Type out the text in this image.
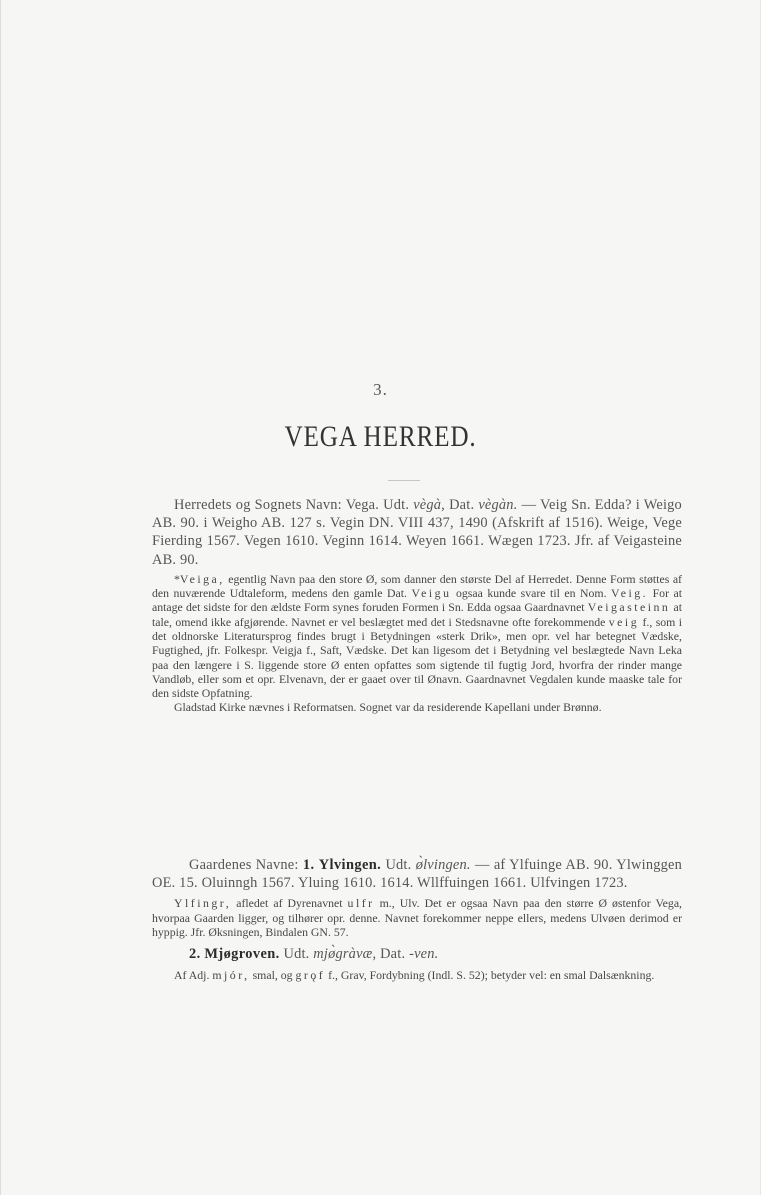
3.
VEGA HERRED.

Herredets og Sognets Navn: Vega. Udt. vègà, Dat. vègàn. — Veig Sn. Edda? i Weigo AB. 90. i Weigho AB. 127 s. Vegin DN. VIII 437, 1490 (Afskrift af 1516). Weige, Vege Fierding 1567. Vegen 1610. Veginn 1614. Weyen 1661. Wægen 1723. Jfr. af Veigasteine AB. 90.

*Veiga, egentlig Navn paa den store Ø, som danner den største Del af Herredet. Denne Form støttes af den nuværende Udtaleform, medens den gamle Dat. Veigu ogsaa kunde svare til en Nom. Veig. For at antage det sidste for den ældste Form synes foruden Formen i Sn. Edda ogsaa Gaardnavnet Veigasteinn at tale, omend ikke afgjørende. Navnet er vel beslægtet med det i Stedsnavne ofte forekommende veig f., som i det oldnorske Literatursprog findes brugt i Betydningen «sterk Drik», men opr. vel har betegnet Vædske, Fugtighed, jfr. Folkespr. Veigja f., Saft, Vædske. Det kan ligesom det i Betydning vel beslægtede Navn Leka paa den længere i S. liggende store Ø enten opfattes som sigtende til fugtig Jord, hvorfra der rinder mange Vandløb, eller som et opr. Elvenavn, der er gaaet over til Ønavn. Gaardnavnet Vegdalen kunde maaske tale for den sidste Opfatning.

Gladstad Kirke nævnes i Reformatsen. Sognet var da residerende Kapellani under Brønnø.

Gaardenes Navne: 1. Ylvingen. Udt. ø̀lvingen. — af Ylfuinge AB. 90. Ylwinggen OE. 15. Oluinngh 1567. Yluing 1610. 1614. Wllffuingen 1661. Ulfvingen 1723.

Ylfingr, afledet af Dyrenavnet ulfr m., Ulv. Det er ogsaa Navn paa den større Ø østenfor Vega, hvorpaa Gaarden ligger, og tilhører opr. denne. Navnet forekommer neppe ellers, medens Ulvøen derimod er hyppig. Jfr. Øksningen, Bindalen GN. 57.

2. Mjøgroven. Udt. mjø̀gràvæ, Dat. -ven.

Af Adj. mjór, smal, og grǫf f., Grav, Fordybning (Indl. S. 52); betyder vel: en smal Dalsænkning.
